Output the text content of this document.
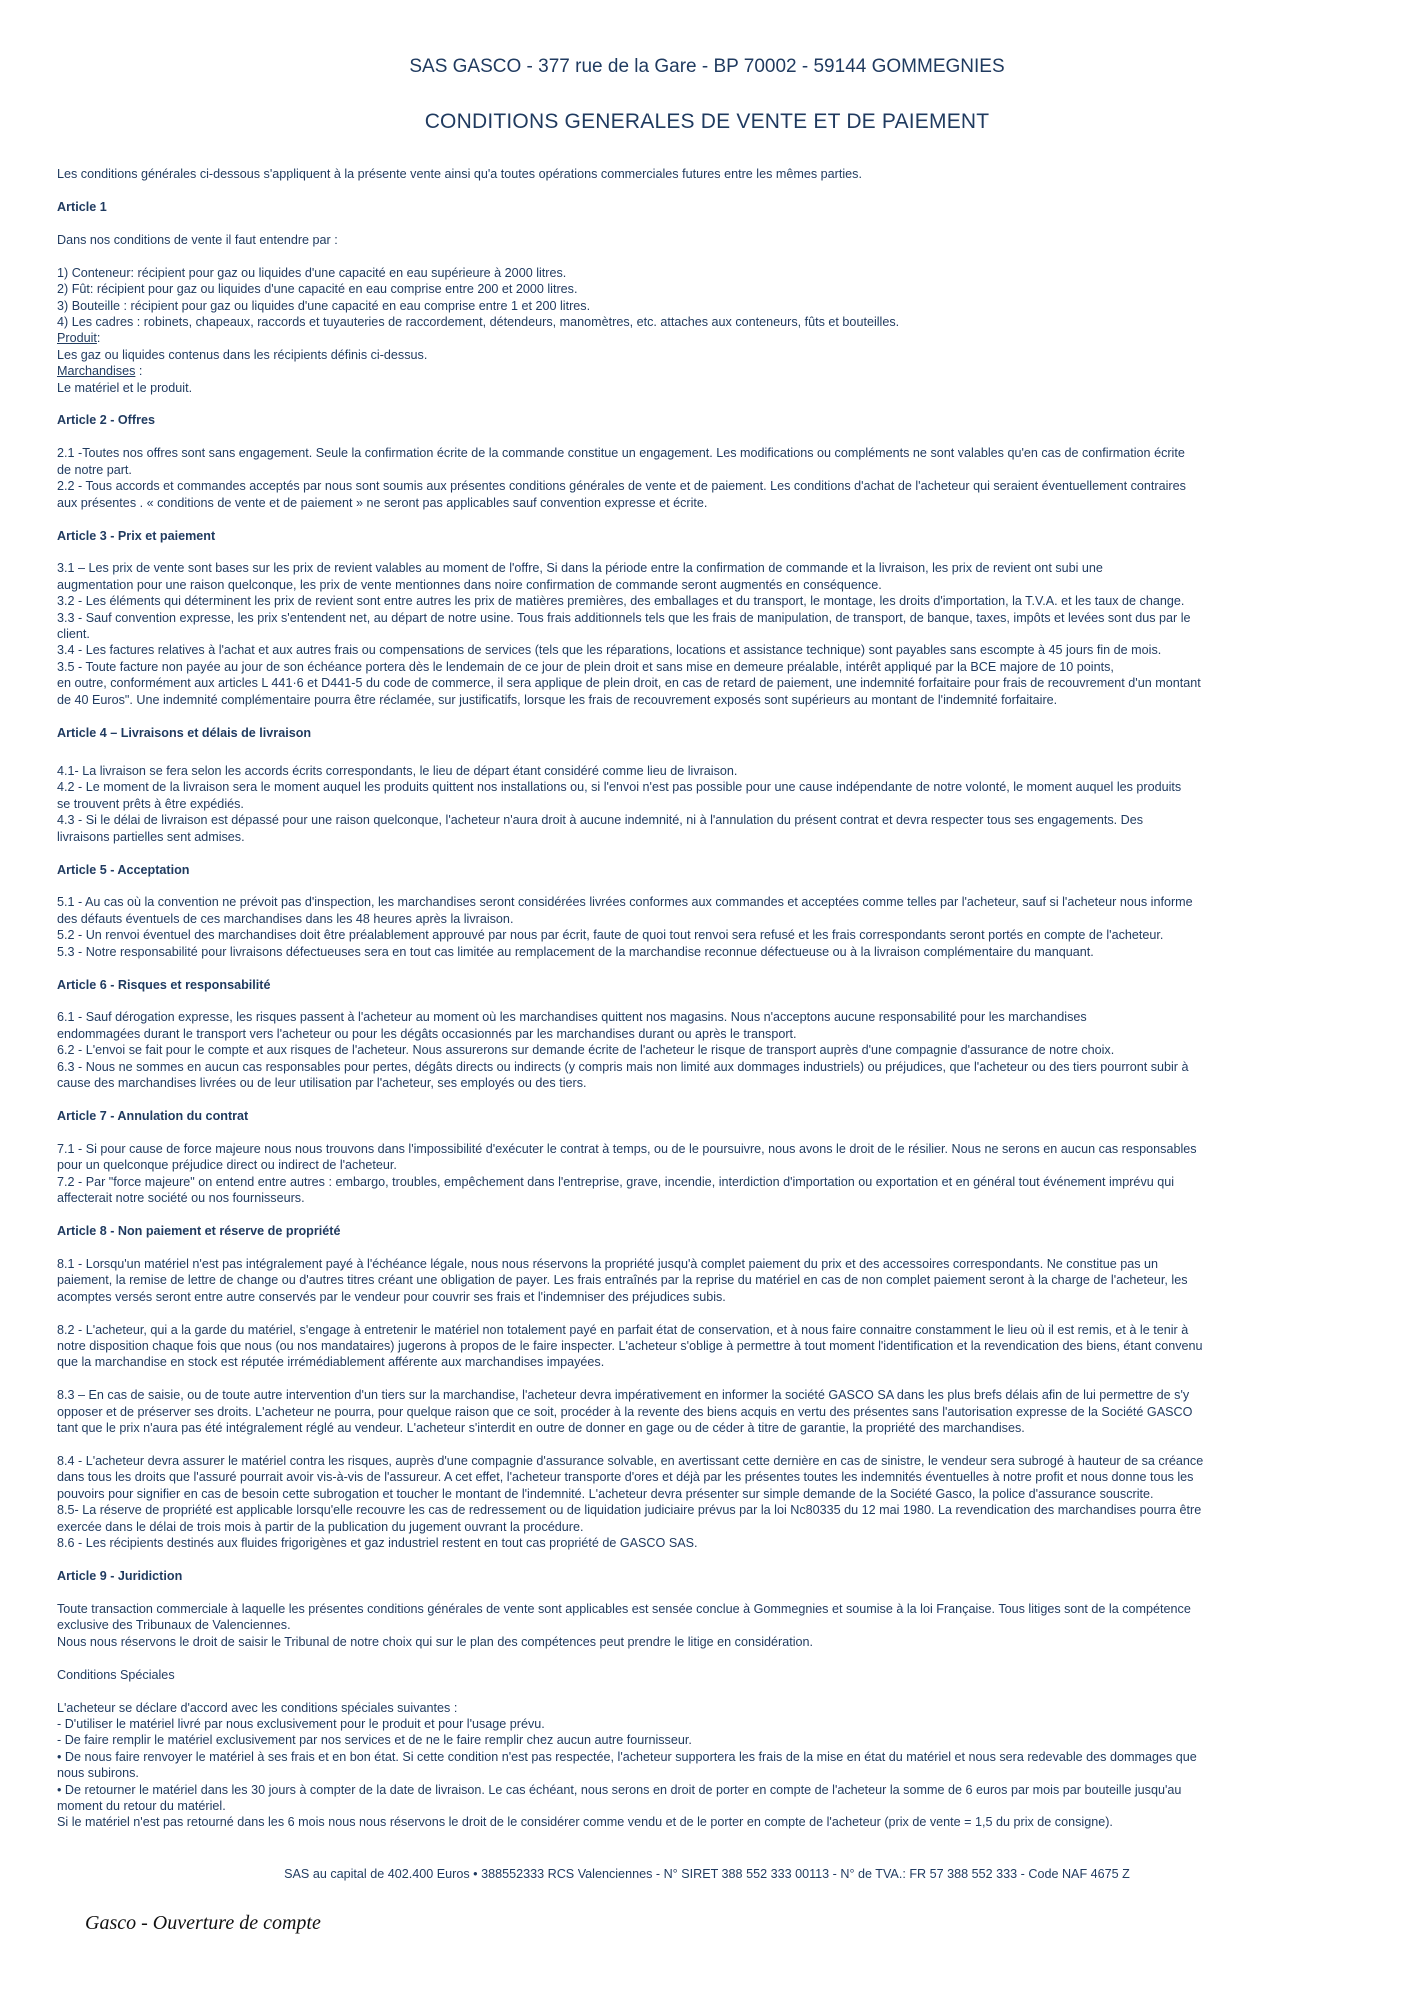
SAS GASCO - 377 rue de la Gare - BP 70002 - 59144 GOMMEGNIES
CONDITIONS GENERALES DE VENTE ET DE PAIEMENT

Les conditions générales ci-dessous s'appliquent à la présente vente ainsi qu'a toutes opérations commerciales futures entre les mêmes parties.

Article 1

Dans nos conditions de vente il faut entendre par :

1) Conteneur: récipient pour gaz ou liquides d'une capacité en eau supérieure à 2000 litres.

2) Fût: récipient pour gaz ou liquides d'une capacité en eau comprise entre 200 et 2000 litres.

3) Bouteille : récipient pour gaz ou liquides d'une capacité en eau comprise entre 1 et 200 litres.

4) Les cadres : robinets, chapeaux, raccords et tuyauteries de raccordement, détendeurs, manomètres, etc. attaches aux conteneurs, fûts et bouteilles.

Produit:

Les gaz ou liquides contenus dans les récipients définis ci-dessus.

Marchandises :

Le matériel et le produit.

Article 2 - Offres

2.1 -Toutes nos offres sont sans engagement. Seule la confirmation écrite de la commande constitue un engagement. Les modifications ou compléments ne sont valables qu'en cas de confirmation écrite

de notre part.

2.2 - Tous accords et commandes acceptés par nous sont soumis aux présentes conditions générales de vente et de paiement. Les conditions d'achat de l'acheteur qui seraient éventuellement contraires

aux présentes . « conditions de vente et de paiement » ne seront pas applicables sauf convention expresse et écrite.

Article 3 - Prix et paiement

3.1 – Les prix de vente sont bases sur les prix de revient valables au moment de l'offre, Si dans la période entre la confirmation de commande et la livraison, les prix de revient ont subi une

augmentation pour une raison quelconque, les prix de vente mentionnes dans noire confirmation de commande seront augmentés en conséquence.

3.2 - Les éléments qui déterminent les prix de revient sont entre autres les prix de matières premières, des emballages et du transport, le montage, les droits d'importation, la T.V.A. et les taux de change.

3.3 - Sauf convention expresse, les prix s'entendent net, au départ de notre usine. Tous frais additionnels tels que les frais de manipulation, de transport, de banque, taxes, impôts et levées sont dus par le

client.

3.4 - Les factures relatives à l'achat et aux autres frais ou compensations de services (tels que les réparations, locations et assistance technique) sont payables sans escompte à 45 jours fin de mois.

3.5 - Toute facture non payée au jour de son échéance portera dès le lendemain de ce jour de plein droit et sans mise en demeure préalable, intérêt appliqué par la BCE majore de 10 points,

en outre, conformément aux articles L 441·6 et D441-5 du code de commerce, il sera applique de plein droit, en cas de retard de paiement, une indemnité forfaitaire pour frais de recouvrement d'un montant

de 40 Euros". Une indemnité complémentaire pourra être réclamée, sur justificatifs, lorsque les frais de recouvrement exposés sont supérieurs au montant de l'indemnité forfaitaire.

Article 4 – Livraisons et délais de livraison

4.1- La livraison se fera selon les accords écrits correspondants, le lieu de départ étant considéré comme lieu de livraison.

4.2 - Le moment de la livraison sera le moment auquel les produits quittent nos installations ou, si l'envoi n'est pas possible pour une cause indépendante de notre volonté, le moment auquel les produits

se trouvent prêts à être expédiés.

4.3 - Si le délai de livraison est dépassé pour une raison quelconque, l'acheteur n'aura droit à aucune indemnité, ni à l'annulation du présent contrat et devra respecter tous ses engagements. Des

livraisons partielles sent admises.

Article 5 - Acceptation

5.1 - Au cas où la convention ne prévoit pas d'inspection, les marchandises seront considérées livrées conformes aux commandes et acceptées comme telles par l'acheteur, sauf si l'acheteur nous informe

des défauts éventuels de ces marchandises dans les 48 heures après la livraison.

5.2 - Un renvoi éventuel des marchandises doit être préalablement approuvé par nous par écrit, faute de quoi tout renvoi sera refusé et les frais correspondants seront portés en compte de l'acheteur.

5.3 - Notre responsabilité pour livraisons défectueuses sera en tout cas limitée au remplacement de la marchandise reconnue défectueuse ou à la livraison complémentaire du manquant.

Article 6 - Risques et responsabilité

6.1 - Sauf dérogation expresse, les risques passent à l'acheteur au moment où les marchandises quittent nos magasins. Nous n'acceptons aucune responsabilité pour les marchandises

endommagées durant le transport vers l'acheteur ou pour les dégâts occasionnés par les marchandises durant ou après le transport.

6.2 - L'envoi se fait pour le compte et aux risques de l'acheteur. Nous assurerons sur demande écrite de l'acheteur le risque de transport auprès d'une compagnie d'assurance de notre choix.

6.3 - Nous ne sommes en aucun cas responsables pour pertes, dégâts directs ou indirects (y compris mais non limité aux dommages industriels) ou préjudices, que l'acheteur ou des tiers pourront subir à

cause des marchandises livrées ou de leur utilisation par l'acheteur, ses employés ou des tiers.

Article 7 - Annulation du contrat

7.1 - Si pour cause de force majeure nous nous trouvons dans l'impossibilité d'exécuter le contrat à temps, ou de le poursuivre, nous avons le droit de le résilier. Nous ne serons en aucun cas responsables

pour un quelconque préjudice direct ou indirect de l'acheteur.

7.2 - Par "force majeure" on entend entre autres : embargo, troubles, empêchement dans l'entreprise, grave, incendie, interdiction d'importation ou exportation et en général tout événement imprévu qui

affecterait notre société ou nos fournisseurs.

Article 8 - Non paiement et réserve de propriété

8.1 - Lorsqu'un matériel n'est pas intégralement payé à l'échéance légale, nous nous réservons la propriété jusqu'à complet paiement du prix et des accessoires correspondants. Ne constitue pas un

paiement, la remise de lettre de change ou d'autres titres créant une obligation de payer. Les frais entraînés par la reprise du matériel en cas de non complet paiement seront à la charge de l'acheteur, les

acomptes versés seront entre autre conservés par le vendeur pour couvrir ses frais et l'indemniser des préjudices subis.

8.2 - L'acheteur, qui a la garde du matériel, s'engage à entretenir le matériel non totalement payé en parfait état de conservation, et à nous faire connaitre constamment le lieu où il est remis, et à le tenir à

notre disposition chaque fois que nous (ou nos mandataires) jugerons à propos de le faire inspecter. L'acheteur s'oblige à permettre à tout moment l'identification et la revendication des biens, étant convenu

que la marchandise en stock est réputée irrémédiablement afférente aux marchandises impayées.

8.3 – En cas de saisie, ou de toute autre intervention d'un tiers sur la marchandise, l'acheteur devra impérativement en informer la société GASCO SA dans les plus brefs délais afin de lui permettre de s'y

opposer et de préserver ses droits. L'acheteur ne pourra, pour quelque raison que ce soit, procéder à la revente des biens acquis en vertu des présentes sans l'autorisation expresse de la Société GASCO

tant que le prix n'aura pas été intégralement réglé au vendeur. L'acheteur s'interdit en outre de donner en gage ou de céder à titre de garantie, la propriété des marchandises.

8.4 - L'acheteur devra assurer le matériel contra les risques, auprès d'une compagnie d'assurance solvable, en avertissant cette dernière en cas de sinistre, le vendeur sera subrogé à hauteur de sa créance

dans tous les droits que l'assuré pourrait avoir vis-à-vis de l'assureur. A cet effet, l'acheteur transporte d'ores et déjà par les présentes toutes les indemnités éventuelles à notre profit et nous donne tous les

pouvoirs pour signifier en cas de besoin cette subrogation et toucher le montant de l'indemnité. L'acheteur devra présenter sur simple demande de la Société Gasco, la police d'assurance souscrite.

8.5- La réserve de propriété est applicable lorsqu'elle recouvre les cas de redressement ou de liquidation judiciaire prévus par la loi Nc80335 du 12 mai 1980. La revendication des marchandises pourra être

exercée dans le délai de trois mois à partir de la publication du jugement ouvrant la procédure.

8.6 - Les récipients destinés aux fluides frigorigènes et gaz industriel restent en tout cas propriété de GASCO SAS.

Article 9 - Juridiction

Toute transaction commerciale à laquelle les présentes conditions générales de vente sont applicables est sensée conclue à Gommegnies et soumise à la loi Française. Tous litiges sont de la compétence

exclusive des Tribunaux de Valenciennes.

Nous nous réservons le droit de saisir le Tribunal de notre choix qui sur le plan des compétences peut prendre le litige en considération.

Conditions Spéciales

L'acheteur se déclare d'accord avec les conditions spéciales suivantes :

- D'utiliser le matériel livré par nous exclusivement pour le produit et pour l'usage prévu.

- De faire remplir le matériel exclusivement par nos services et de ne le faire remplir chez aucun autre fournisseur.

• De nous faire renvoyer le matériel à ses frais et en bon état. Si cette condition n'est pas respectée, l'acheteur supportera les frais de la mise en état du matériel et nous sera redevable des dommages que

nous subirons.

• De retourner le matériel dans les 30 jours à compter de la date de livraison. Le cas échéant, nous serons en droit de porter en compte de l'acheteur la somme de 6 euros par mois par bouteille jusqu'au

moment du retour du matériel.

Si le matériel n'est pas retourné dans les 6 mois nous nous réservons le droit de le considérer comme vendu et de le porter en compte de l'acheteur (prix de vente = 1,5 du prix de consigne).

SAS au capital de 402.400 Euros • 388552333 RCS Valenciennes - N° SIRET 388 552 333 00113 - N° de TVA.: FR 57 388 552 333 - Code NAF 4675 Z
Gasco - Ouverture de compte
